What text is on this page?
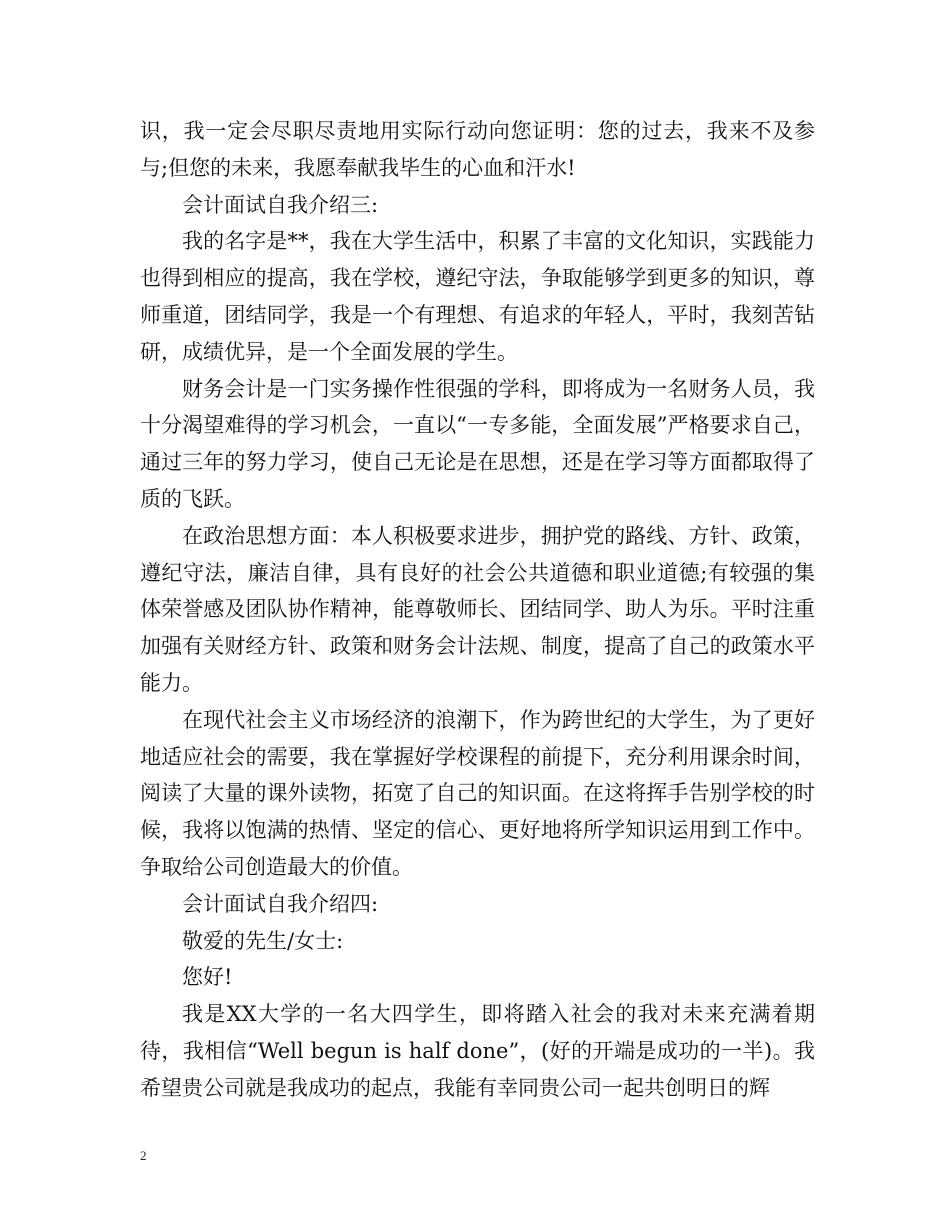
识，我一定会尽职尽责地用实际行动向您证明：您的过去，我来不及参与;但您的未来，我愿奉献我毕生的心血和汗水!

会计面试自我介绍三:

我的名字是**，我在大学生活中，积累了丰富的文化知识，实践能力也得到相应的提高，我在学校，遵纪守法，争取能够学到更多的知识，尊师重道，团结同学，我是一个有理想、有追求的年轻人，平时，我刻苦钻研，成绩优异，是一个全面发展的学生。

财务会计是一门实务操作性很强的学科，即将成为一名财务人员，我十分渴望难得的学习机会，一直以“一专多能，全面发展”严格要求自己，通过三年的努力学习，使自己无论是在思想，还是在学习等方面都取得了质的飞跃。

在政治思想方面：本人积极要求进步，拥护党的路线、方针、政策，遵纪守法，廉洁自律，具有良好的社会公共道德和职业道德;有较强的集体荣誉感及团队协作精神，能尊敬师长、团结同学、助人为乐。平时注重加强有关财经方针、政策和财务会计法规、制度，提高了自己的政策水平能力。

在现代社会主义市场经济的浪潮下，作为跨世纪的大学生，为了更好地适应社会的需要，我在掌握好学校课程的前提下，充分利用课余时间，阅读了大量的课外读物，拓宽了自己的知识面。在这将挥手告别学校的时候，我将以饱满的热情、坚定的信心、更好地将所学知识运用到工作中。争取给公司创造最大的价值。

会计面试自我介绍四:

敬爱的先生/女士:

您好!

我是XX大学的一名大四学生，即将踏入社会的我对未来充满着期待，我相信“Well begun is half done”，(好的开端是成功的一半)。我希望贵公司就是我成功的起点，我能有幸同贵公司一起共创明日的辉

2
